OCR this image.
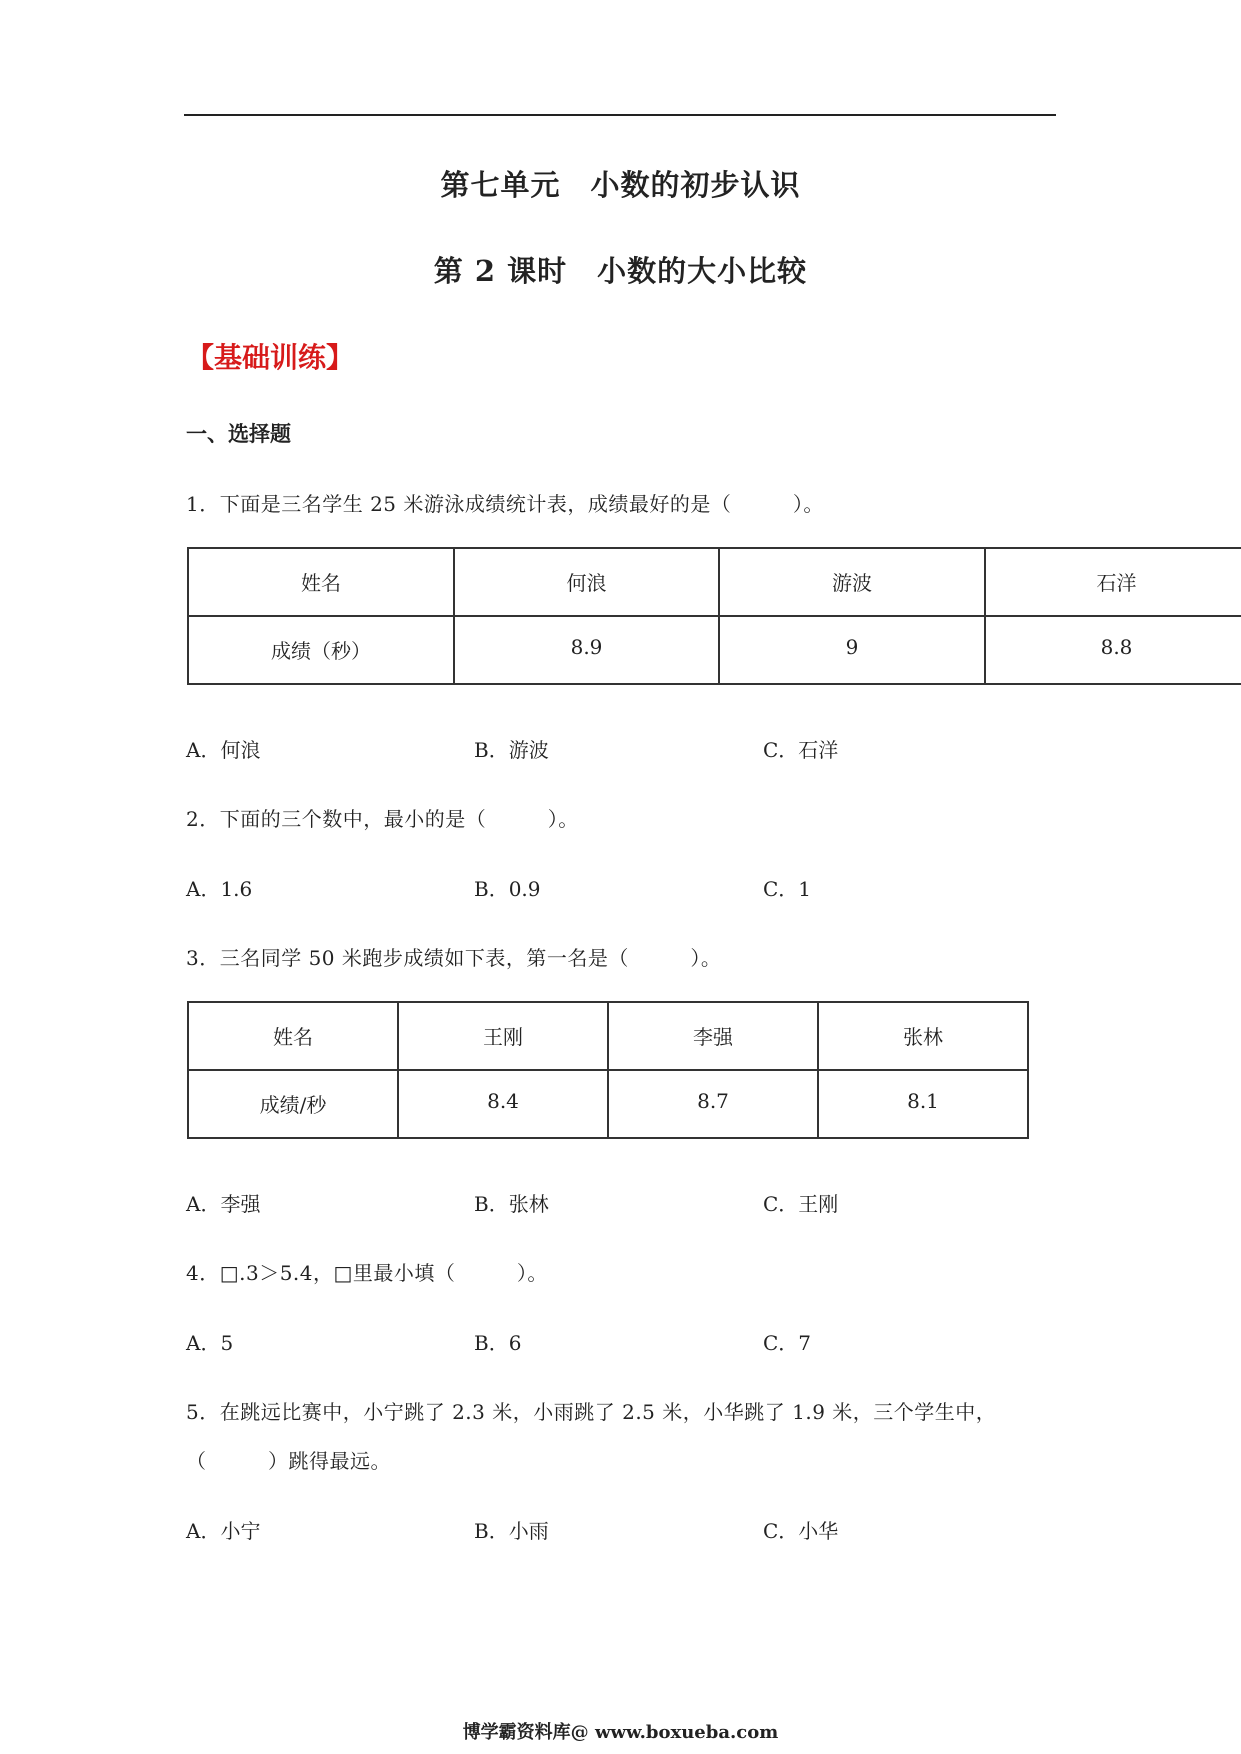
第七单元 小数的初步认识
第 2 课时 小数的大小比较
【基础训练】
一、选择题
1．下面是三名学生 25 米游泳成绩统计表，成绩最好的是（　　　）。
姓名	何浪	游波	石洋
成绩（秒）	8.9	9	8.8
A．何浪	B．游波	C．石洋
2．下面的三个数中，最小的是（　　　）。
A．1.6	B．0.9	C．1
3．三名同学 50 米跑步成绩如下表，第一名是（　　　）。
姓名	王刚	李强	张林
成绩/秒	8.4	8.7	8.1
A．李强	B．张林	C．王刚
4．□.3＞5.4，□里最小填（　　　）。
A．5	B．6	C．7
5．在跳远比赛中，小宁跳了 2.3 米，小雨跳了 2.5 米，小华跳了 1.9 米，三个学生中，
（　　　）跳得最远。
A．小宁	B．小雨	C．小华
博学霸资料库@ www.boxueba.com
